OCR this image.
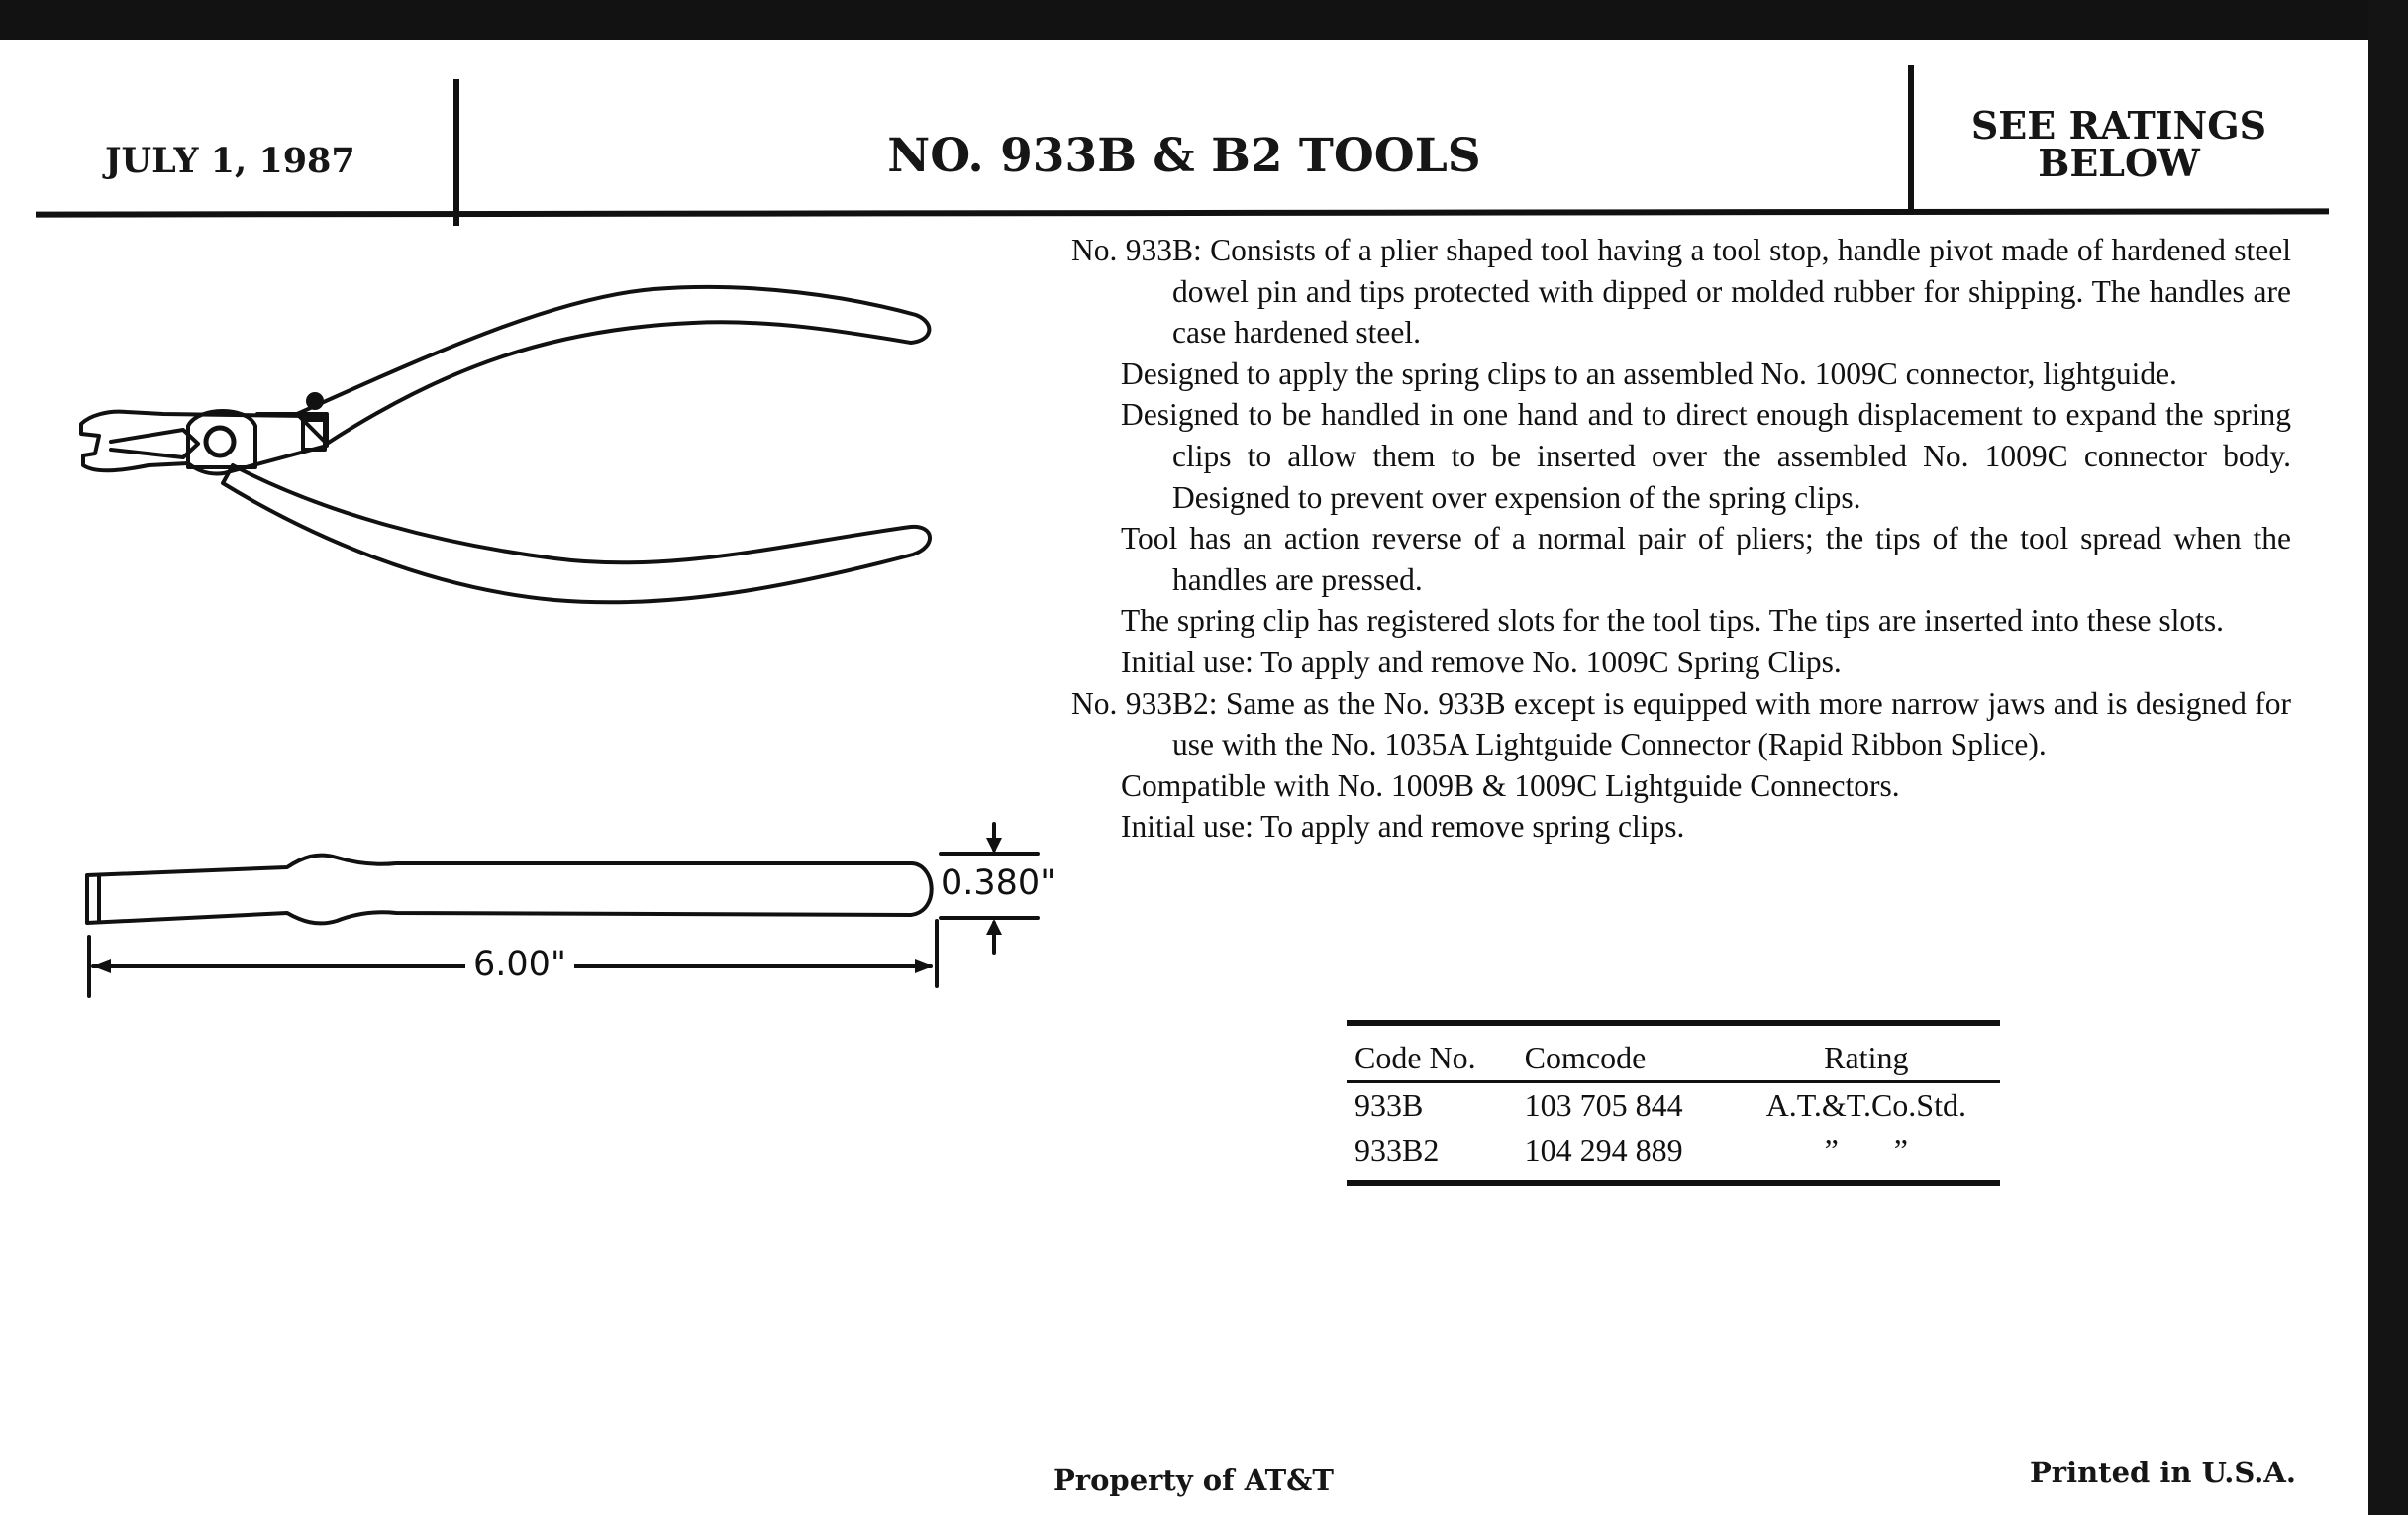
JULY 1, 1987	NO. 933B & B2 TOOLS
SEE RATINGS
BELOW
6.00"
0.380"

No. 933B: Consists of a plier shaped tool having a tool stop, handle pivot made of hardened steel dowel pin and tips protected with dipped or molded rubber for shipping. The handles are case hardened steel.

Designed to apply the spring clips to an assembled No. 1009C connector, lightguide.

Designed to be handled in one hand and to direct enough displacement to expand the spring clips to allow them to be inserted over the assembled No. 1009C connector body. Designed to prevent over expension of the spring clips.

Tool has an action reverse of a normal pair of pliers; the tips of the tool spread when the handles are pressed.

The spring clip has registered slots for the tool tips. The tips are inserted into these slots.

Initial use: To apply and remove No. 1009C Spring Clips.

No. 933B2: Same as the No. 933B except is equipped with more narrow jaws and is designed for use with the No. 1035A Lightguide Connector (Rapid Ribbon Splice).

Compatible with No. 1009B & 1009C Lightguide Connectors.

Initial use: To apply and remove spring clips.

Code No.	Comcode	Rating
933B	103 705 844	A.T.&T.Co.Std.
933B2	104 294 889	”       ”
Property of AT&T	Printed in U.S.A.
